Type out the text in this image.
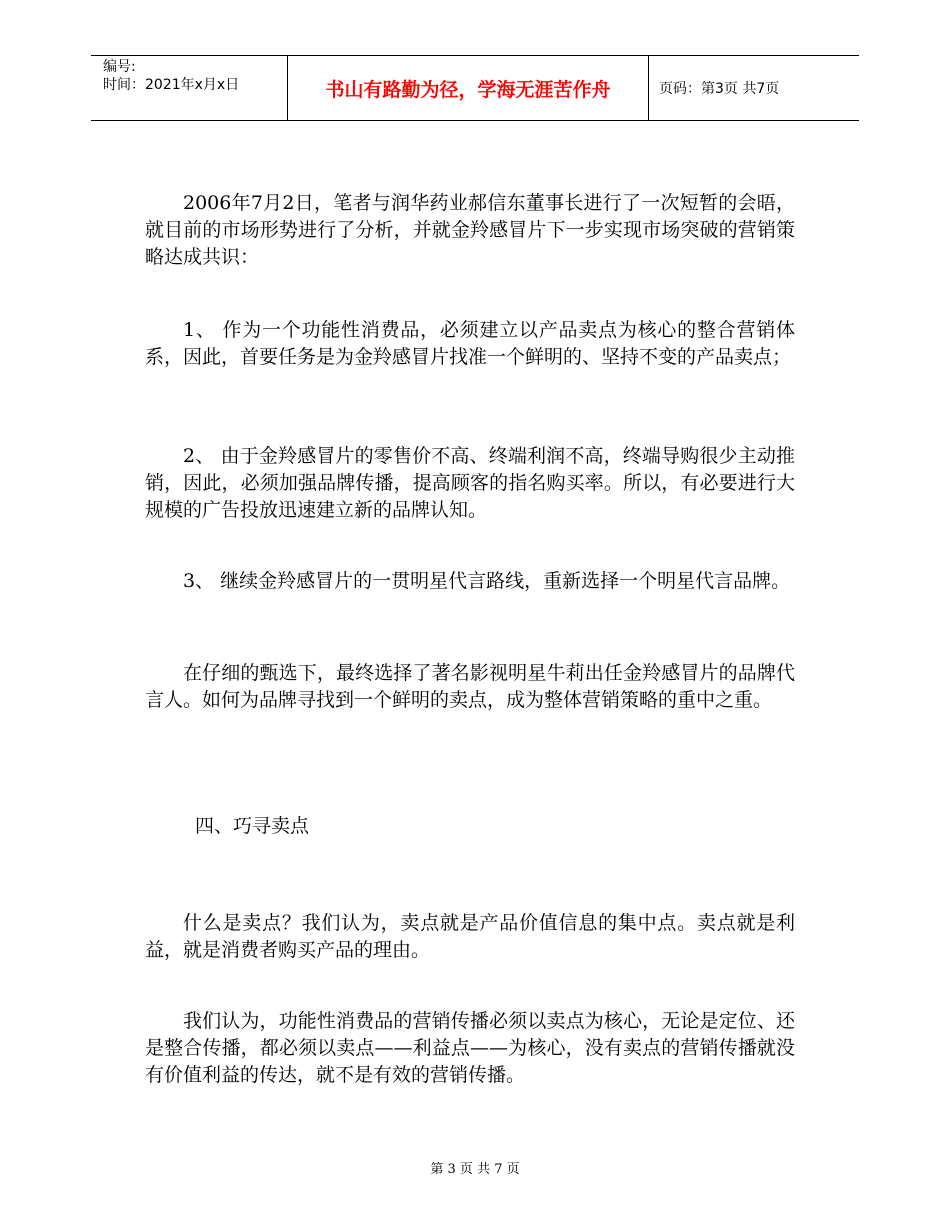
编号:
时间：2021年x月x日	书山有路勤为径，学海无涯苦作舟	页码：第3页 共7页

2006年7月2日，笔者与润华药业郝信东董事长进行了一次短暂的会晤，就目前的市场形势进行了分析，并就金羚感冒片下一步实现市场突破的营销策略达成共识：

1、 作为一个功能性消费品，必须建立以产品卖点为核心的整合营销体系，因此，首要任务是为金羚感冒片找准一个鲜明的、坚持不变的产品卖点；

2、 由于金羚感冒片的零售价不高、终端利润不高，终端导购很少主动推销，因此，必须加强品牌传播，提高顾客的指名购买率。所以，有必要进行大规模的广告投放迅速建立新的品牌认知。

3、 继续金羚感冒片的一贯明星代言路线，重新选择一个明星代言品牌。

在仔细的甄选下，最终选择了著名影视明星牛莉出任金羚感冒片的品牌代言人。如何为品牌寻找到一个鲜明的卖点，成为整体营销策略的重中之重。

四、巧寻卖点

什么是卖点？我们认为，卖点就是产品价值信息的集中点。卖点就是利益，就是消费者购买产品的理由。

我们认为，功能性消费品的营销传播必须以卖点为核心，无论是定位、还是整合传播，都必须以卖点——利益点——为核心，没有卖点的营销传播就没有价值利益的传达，就不是有效的营销传播。

第 3 页 共 7 页
